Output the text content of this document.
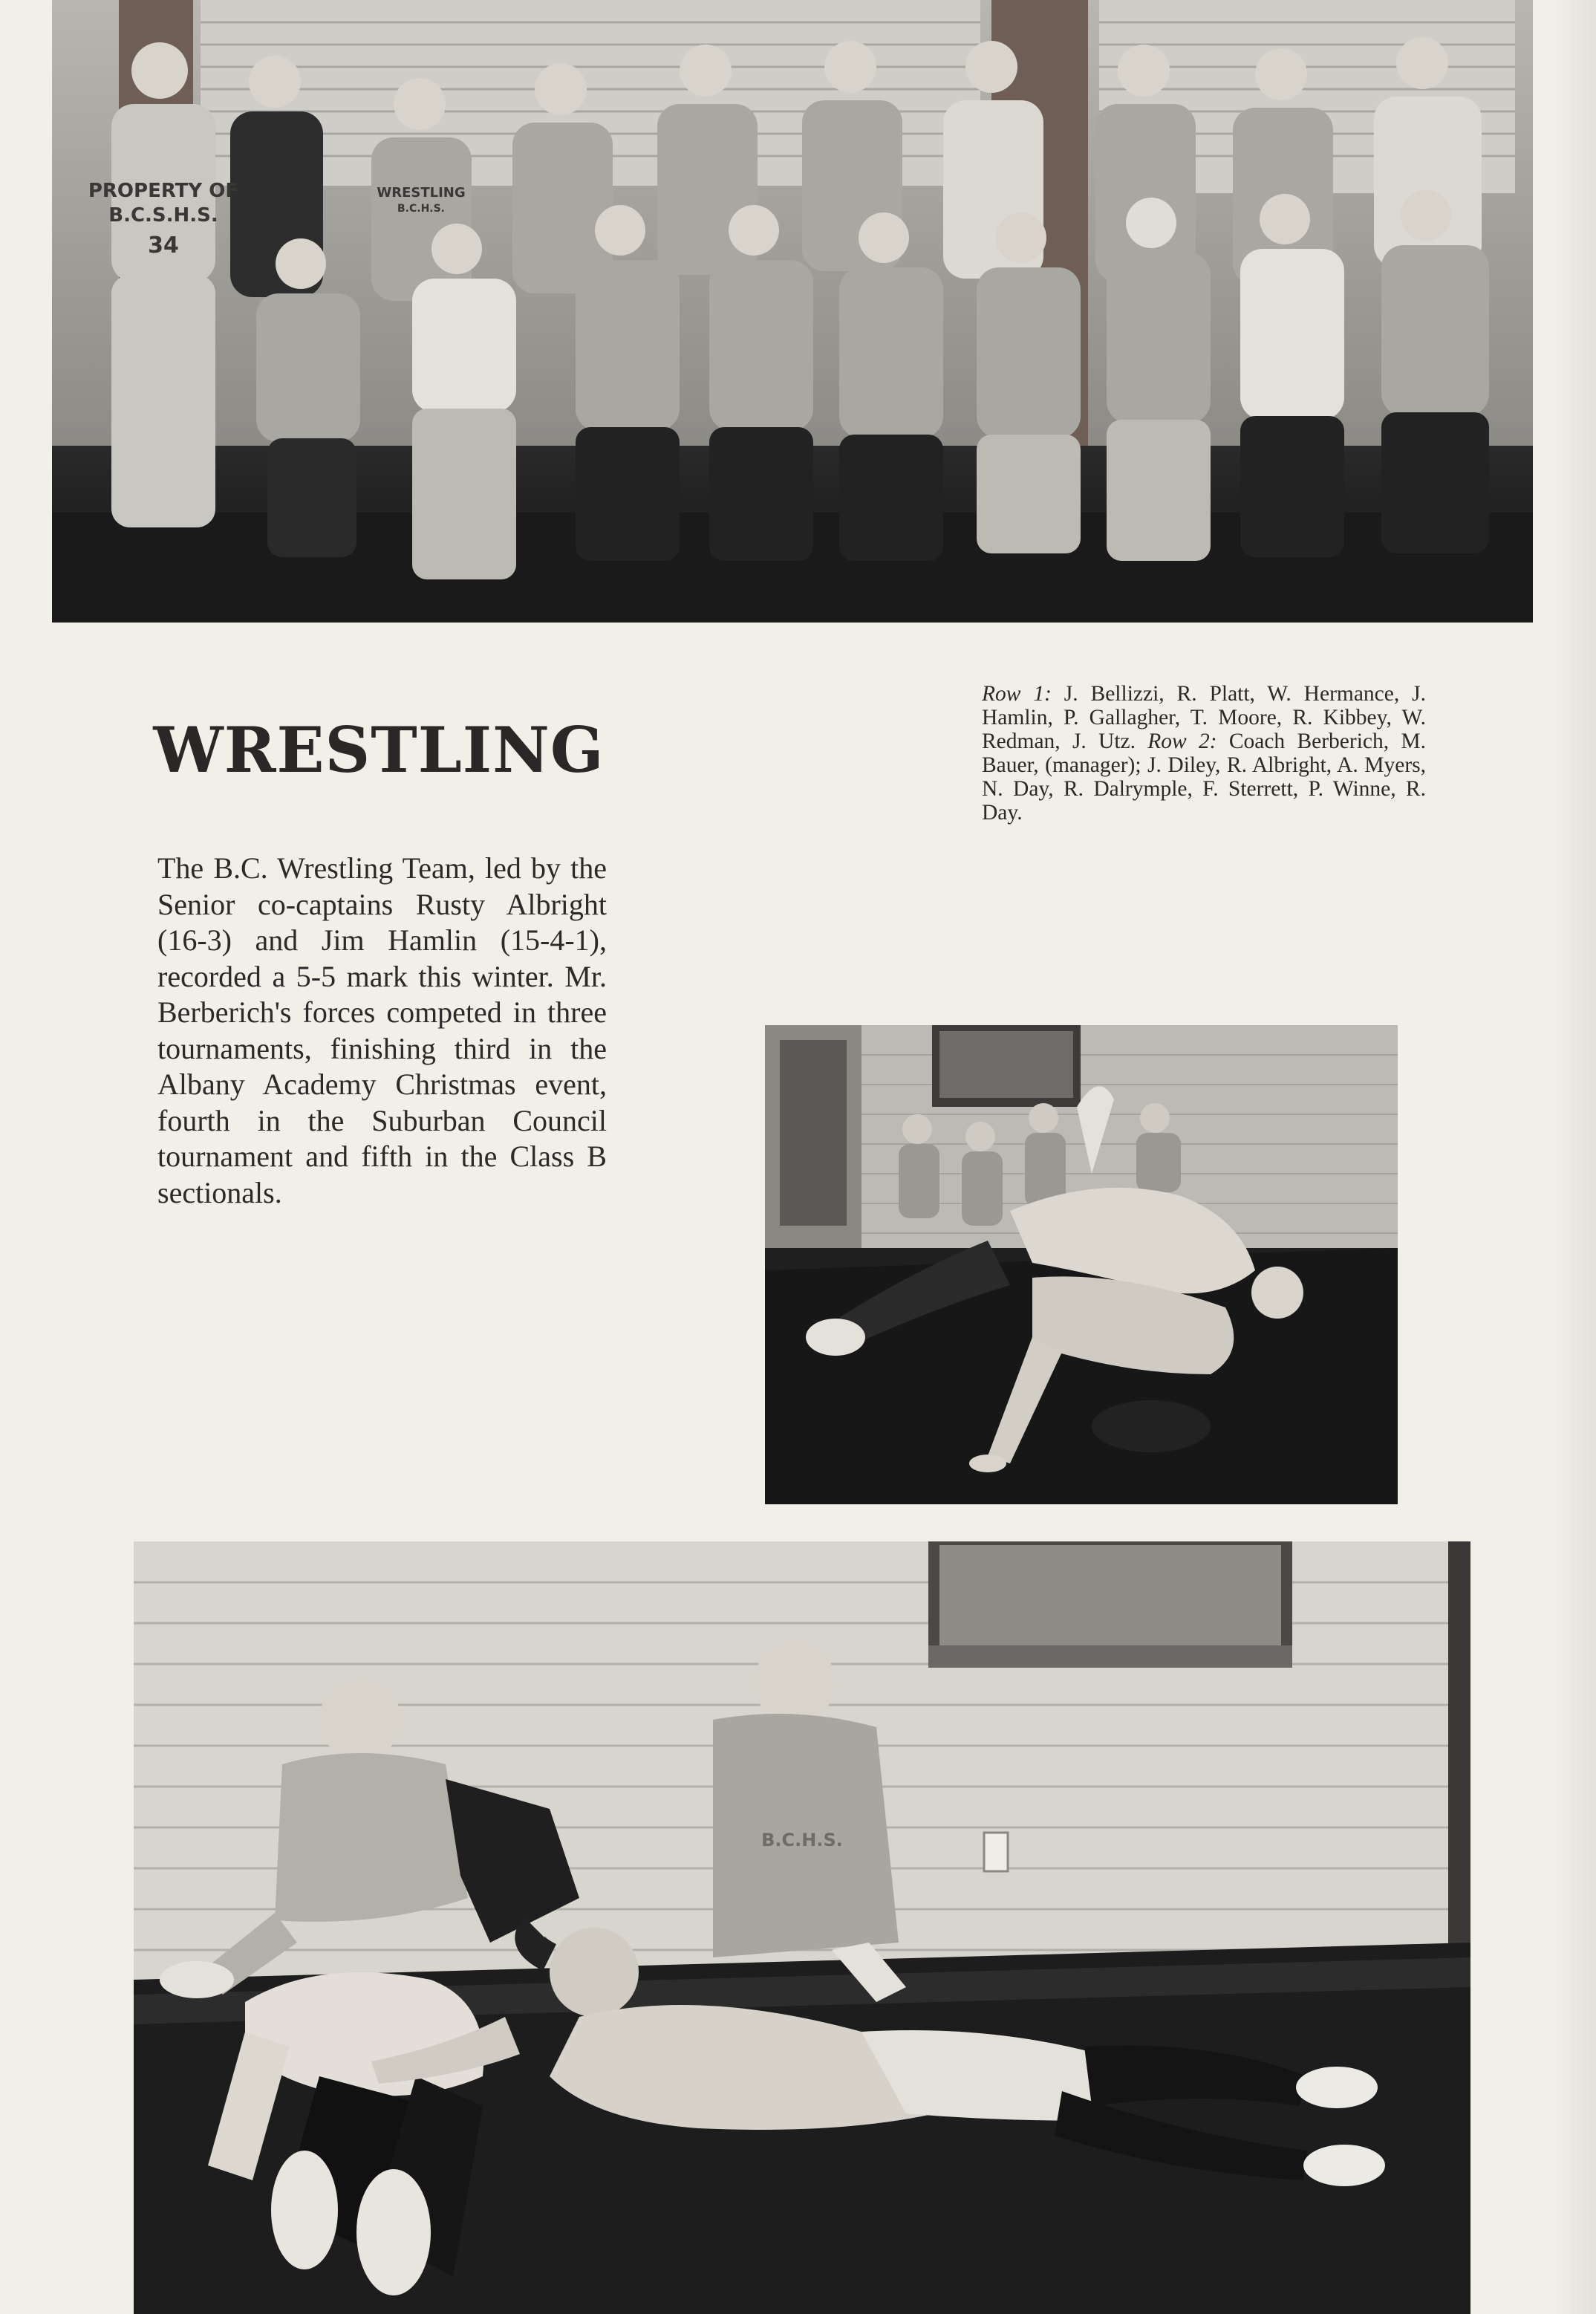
PROPERTY OF
B.C.S.H.S.
34
WRESTLING
B.C.H.S.
WRESTLING

Row 1: J. Bellizzi, R. Platt, W. Hermance, J. Hamlin, P. Gallagher, T. Moore, R. Kibbey, W. Redman, J. Utz. Row 2: Coach Berberich, M. Bauer, (manager); J. Diley, R. Albright, A. Myers, N. Day, R. Dalrymple, F. Sterrett, P. Winne, R. Day.

The B.C. Wrestling Team, led by the Senior co-captains Rusty Albright (16-3) and Jim Hamlin (15-4-1), recorded a 5-5 mark this winter. Mr. Berberich's forces competed in three tournaments, finishing third in the Albany Academy Christmas event, fourth in the Suburban Council tournament and fifth in the Class B sectionals.

B.C.H.S.
